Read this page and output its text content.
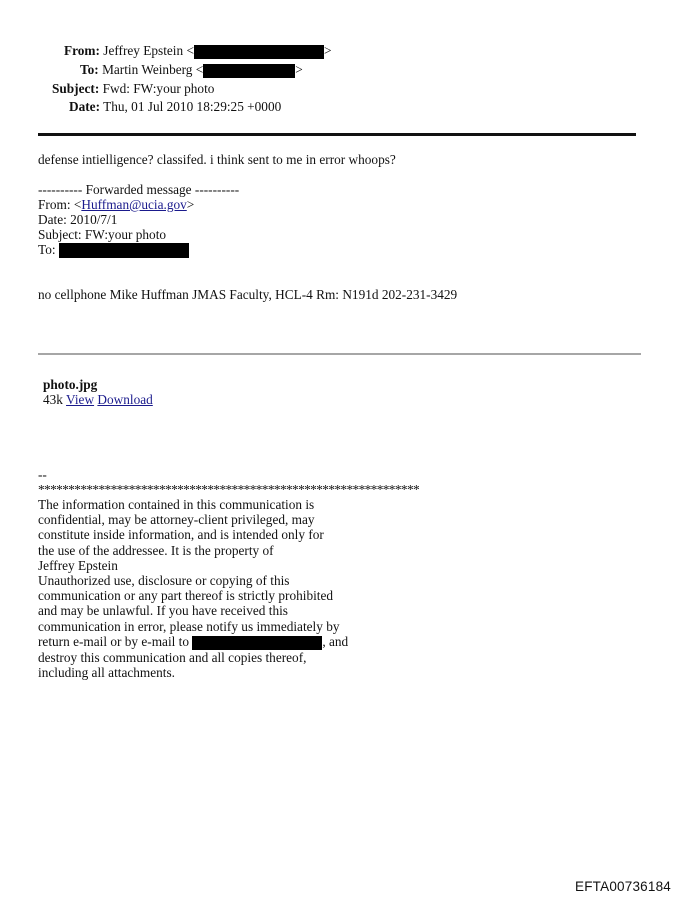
From: Jeffrey Epstein <	>
To: Martin Weinberg <	>
Subject: Fwd: FW:your photo
Date: Thu, 01 Jul 2010 18:29:25 +0000
defense intielligence? classifed. i think sent to me in error whoops?
---------- Forwarded message ----------
From: <Huffman@ucia.gov>
Date: 2010/7/1
Subject: FW:your photo
To:
no cellphone Mike Huffman JMAS Faculty, HCL-4 Rm: N191d 202-231-3429
photo.jpg
43k View Download
--
***************************************************************
The information contained in this communication is
confidential, may be attorney-client privileged, may
constitute inside information, and is intended only for
the use of the addressee. It is the property of
Jeffrey Epstein
Unauthorized use, disclosure or copying of this
communication or any part thereof is strictly prohibited
and may be unlawful. If you have received this
communication in error, please notify us immediately by
return e-mail or by e-mail to	, and
destroy this communication and all copies thereof,
including all attachments.
EFTA00736184
